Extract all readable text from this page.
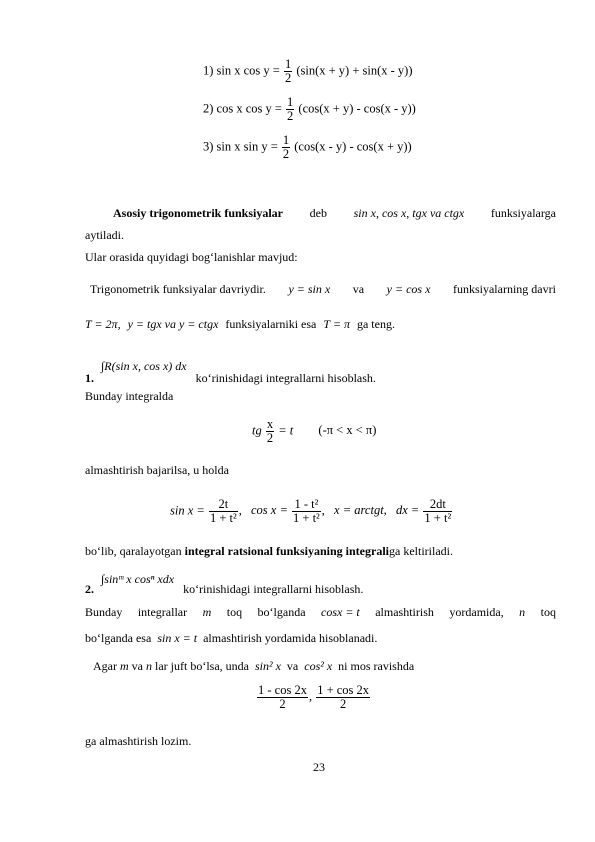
1) sin x $\cos y = \frac{1}{2} (\sin(x + y) + \sin(x - y))$
2) cos x $\cos y = \frac{1}{2} (\cos(x + y) - \cos(x - y))$
3) sin x $\sin y = \frac{1}{2} (\cos(x - y) - \cos(x + y))$
Asosiy trigonometrik funksiyalar deb sin x, cos x, tgx va ctgx funksiyalarga
aytiladi.
Ular orasida quyidagi bog‘lanishlar mavjud:
Trigonometrik funksiyalar davriydir. y = sin x va y = cos x funksiyalarning davri
T = 2π, y = tgx va y = ctgx funksiyalarniki esa T = π ga teng.
1. ∫R(sin x, cos x) dx ko‘rinishidagi integrallarni hisoblash.
Bunday integralda
tg $\frac{x}{2} = t$ (-π < x < π)
almashtirish bajarilsa, u holda
$\sin x = \frac{2t}{\text{1 + t²}}$ , $\cos x = \frac{\text{1 - t²}}{\text{1 + t²}}$ , x = arctgt, dx = $\frac{2dt}{\text{1 + t²}}$
bo‘lib, qaralayotgan integral ratsional funksiyaning integraliga keltiriladi.
2. ∫sinᵐ x cosⁿ xdx ko‘rinishidagi integrallarni hisoblash.
Bunday integrallar m toq bo‘lganda cosx = t almashtirish yordamida, n toq
bo‘lganda esa sin x = t almashtirish yordamida hisoblanadi.
Agar m va n lar juft bo‘lsa, unda sin² x va cos² x ni mos ravishda
$\frac{1 - \cos 2x}{2}$ , $\frac{1 + \cos 2x}{2}$
ga almashtirish lozim.
23
